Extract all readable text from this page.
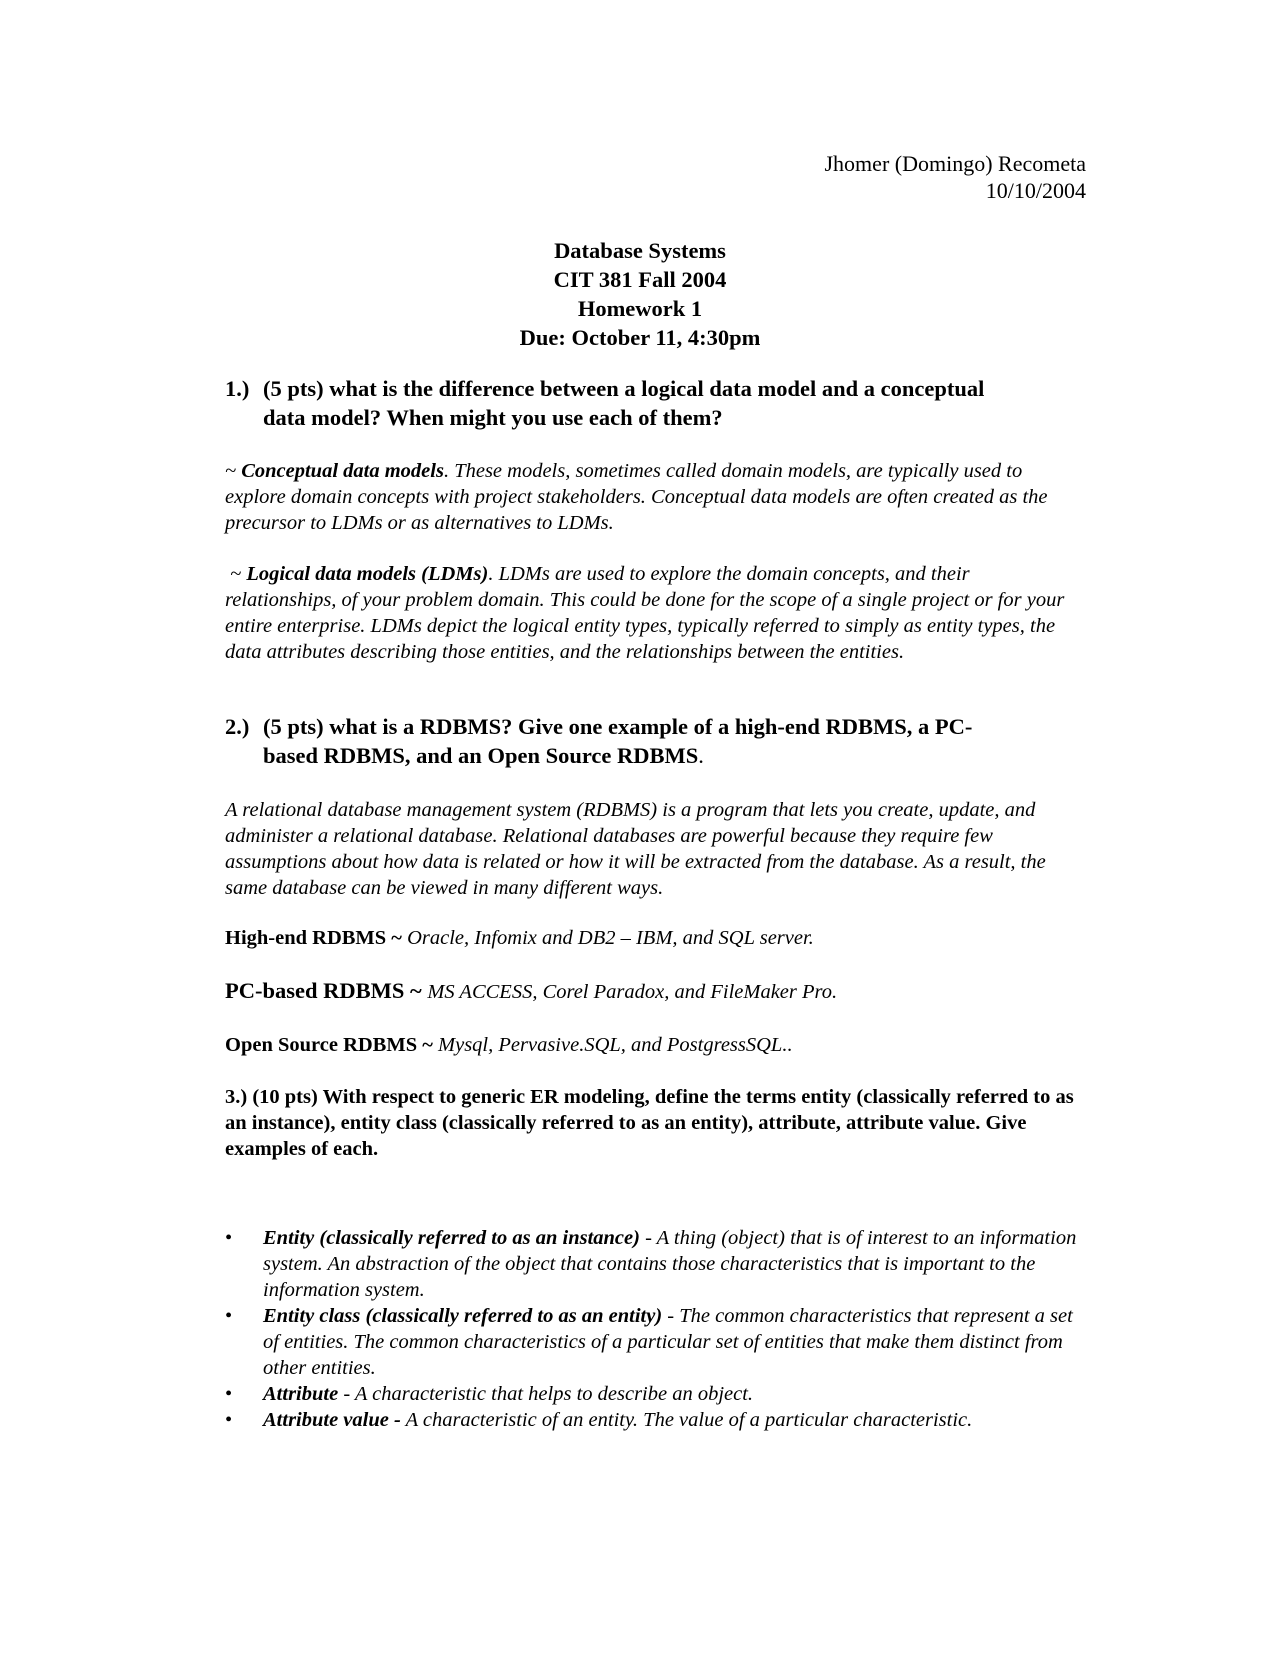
Jhomer (Domingo) Recometa
10/10/2004
Database Systems
CIT 381 Fall 2004
Homework 1
Due: October 11, 4:30pm
1.) (5 pts) what is the difference between a logical data model and a conceptual
data model? When might you use each of them?
~ Conceptual data models. These models, sometimes called domain models, are typically used to explore domain concepts with project stakeholders. Conceptual data models are often created as the precursor to LDMs or as alternatives to LDMs.
~ Logical data models (LDMs). LDMs are used to explore the domain concepts, and their relationships, of your problem domain. This could be done for the scope of a single project or for your entire enterprise. LDMs depict the logical entity types, typically referred to simply as entity types, the data attributes describing those entities, and the relationships between the entities.
2.) (5 pts) what is a RDBMS? Give one example of a high-end RDBMS, a PC-
based RDBMS, and an Open Source RDBMS.
A relational database management system (RDBMS) is a program that lets you create, update, and administer a relational database. Relational databases are powerful because they require few assumptions about how data is related or how it will be extracted from the database. As a result, the same database can be viewed in many different ways.
High-end RDBMS ~ Oracle, Infomix and DB2 – IBM, and SQL server.
PC-based RDBMS ~ MS ACCESS, Corel Paradox, and FileMaker Pro.
Open Source RDBMS ~ Mysql, Pervasive.SQL, and PostgressSQL..
3.) (10 pts) With respect to generic ER modeling, define the terms entity (classically referred to as an instance), entity class (classically referred to as an entity), attribute, attribute value. Give examples of each.
• Entity (classically referred to as an instance) - A thing (object) that is of interest to an information system. An abstraction of the object that contains those characteristics that is important to the information system.
• Entity class (classically referred to as an entity) - The common characteristics that represent a set of entities. The common characteristics of a particular set of entities that make them distinct from other entities.
• Attribute - A characteristic that helps to describe an object.
• Attribute value - A characteristic of an entity. The value of a particular characteristic.
